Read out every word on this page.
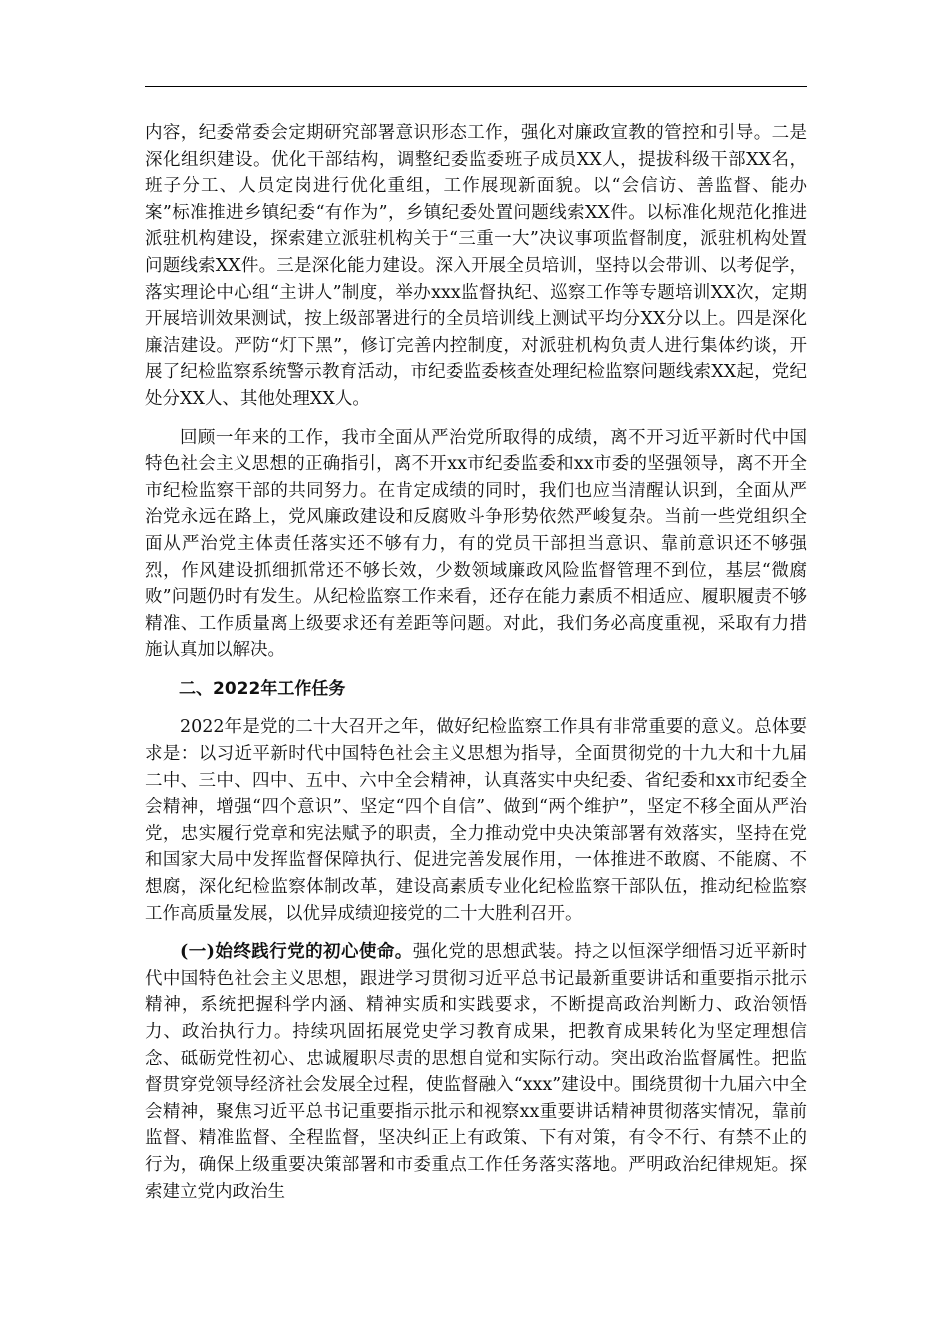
内容，纪委常委会定期研究部署意识形态工作，强化对廉政宣教的管控和引导。二是深化组织建设。优化干部结构，调整纪委监委班子成员XX人，提拔科级干部XX名，班子分工、人员定岗进行优化重组，工作展现新面貌。以“会信访、善监督、能办案”标准推进乡镇纪委“有作为”，乡镇纪委处置问题线索XX件。以标准化规范化推进派驻机构建设，探索建立派驻机构关于“三重一大”决议事项监督制度，派驻机构处置问题线索XX件。三是深化能力建设。深入开展全员培训，坚持以会带训、以考促学，落实理论中心组“主讲人”制度，举办xxx监督执纪、巡察工作等专题培训XX次，定期开展培训效果测试，按上级部署进行的全员培训线上测试平均分XX分以上。四是深化廉洁建设。严防“灯下黑”，修订完善内控制度，对派驻机构负责人进行集体约谈，开展了纪检监察系统警示教育活动，市纪委监委核查处理纪检监察问题线索XX起，党纪处分XX人、其他处理XX人。

回顾一年来的工作，我市全面从严治党所取得的成绩，离不开习近平新时代中国特色社会主义思想的正确指引，离不开xx市纪委监委和xx市委的坚强领导，离不开全市纪检监察干部的共同努力。在肯定成绩的同时，我们也应当清醒认识到，全面从严治党永远在路上，党风廉政建设和反腐败斗争形势依然严峻复杂。当前一些党组织全面从严治党主体责任落实还不够有力，有的党员干部担当意识、靠前意识还不够强烈，作风建设抓细抓常还不够长效，少数领域廉政风险监督管理不到位，基层“微腐败”问题仍时有发生。从纪检监察工作来看，还存在能力素质不相适应、履职履责不够精准、工作质量离上级要求还有差距等问题。对此，我们务必高度重视，采取有力措施认真加以解决。

二、2022年工作任务

2022年是党的二十大召开之年，做好纪检监察工作具有非常重要的意义。总体要求是：以习近平新时代中国特色社会主义思想为指导，全面贯彻党的十九大和十九届二中、三中、四中、五中、六中全会精神，认真落实中央纪委、省纪委和xx市纪委全会精神，增强“四个意识”、坚定“四个自信”、做到“两个维护”，坚定不移全面从严治党，忠实履行党章和宪法赋予的职责，全力推动党中央决策部署有效落实，坚持在党和国家大局中发挥监督保障执行、促进完善发展作用，一体推进不敢腐、不能腐、不想腐，深化纪检监察体制改革，建设高素质专业化纪检监察干部队伍，推动纪检监察工作高质量发展，以优异成绩迎接党的二十大胜利召开。

(一)始终践行党的初心使命。强化党的思想武装。持之以恒深学细悟习近平新时代中国特色社会主义思想，跟进学习贯彻习近平总书记最新重要讲话和重要指示批示精神，系统把握科学内涵、精神实质和实践要求，不断提高政治判断力、政治领悟力、政治执行力。持续巩固拓展党史学习教育成果，把教育成果转化为坚定理想信念、砥砺党性初心、忠诚履职尽责的思想自觉和实际行动。突出政治监督属性。把监督贯穿党领导经济社会发展全过程，使监督融入“xxx”建设中。围绕贯彻十九届六中全会精神，聚焦习近平总书记重要指示批示和视察xx重要讲话精神贯彻落实情况，靠前监督、精准监督、全程监督，坚决纠正上有政策、下有对策，有令不行、有禁不止的行为，确保上级重要决策部署和市委重点工作任务落实落地。严明政治纪律规矩。探索建立党内政治生
